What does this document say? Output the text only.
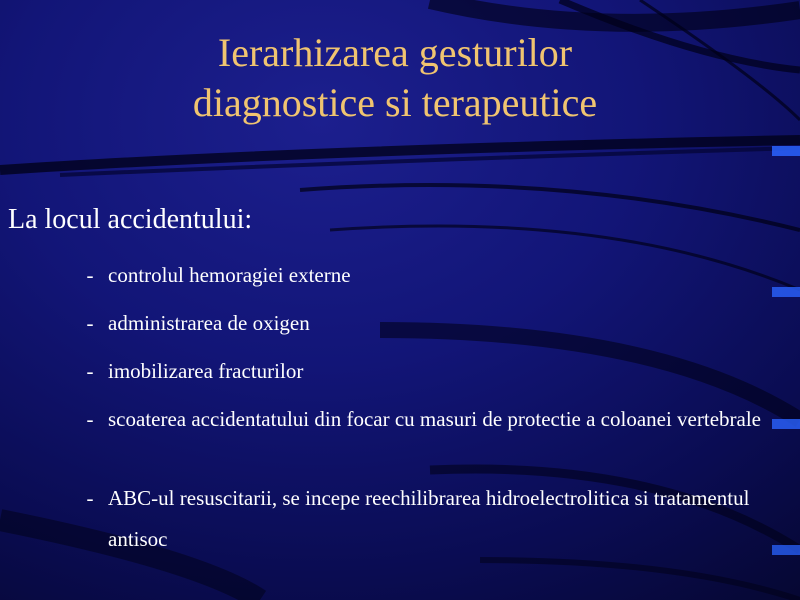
Ierarhizarea gesturilor
diagnostice si terapeutice
La locul accidentului:
- controlul hemoragiei externe
- administrarea de oxigen
- imobilizarea fracturilor
- scoaterea accidentatului din focar cu masuri de protectie a coloanei vertebrale
- ABC-ul resuscitarii, se incepe reechilibrarea hidroelectrolitica si tratamentul antisoc
